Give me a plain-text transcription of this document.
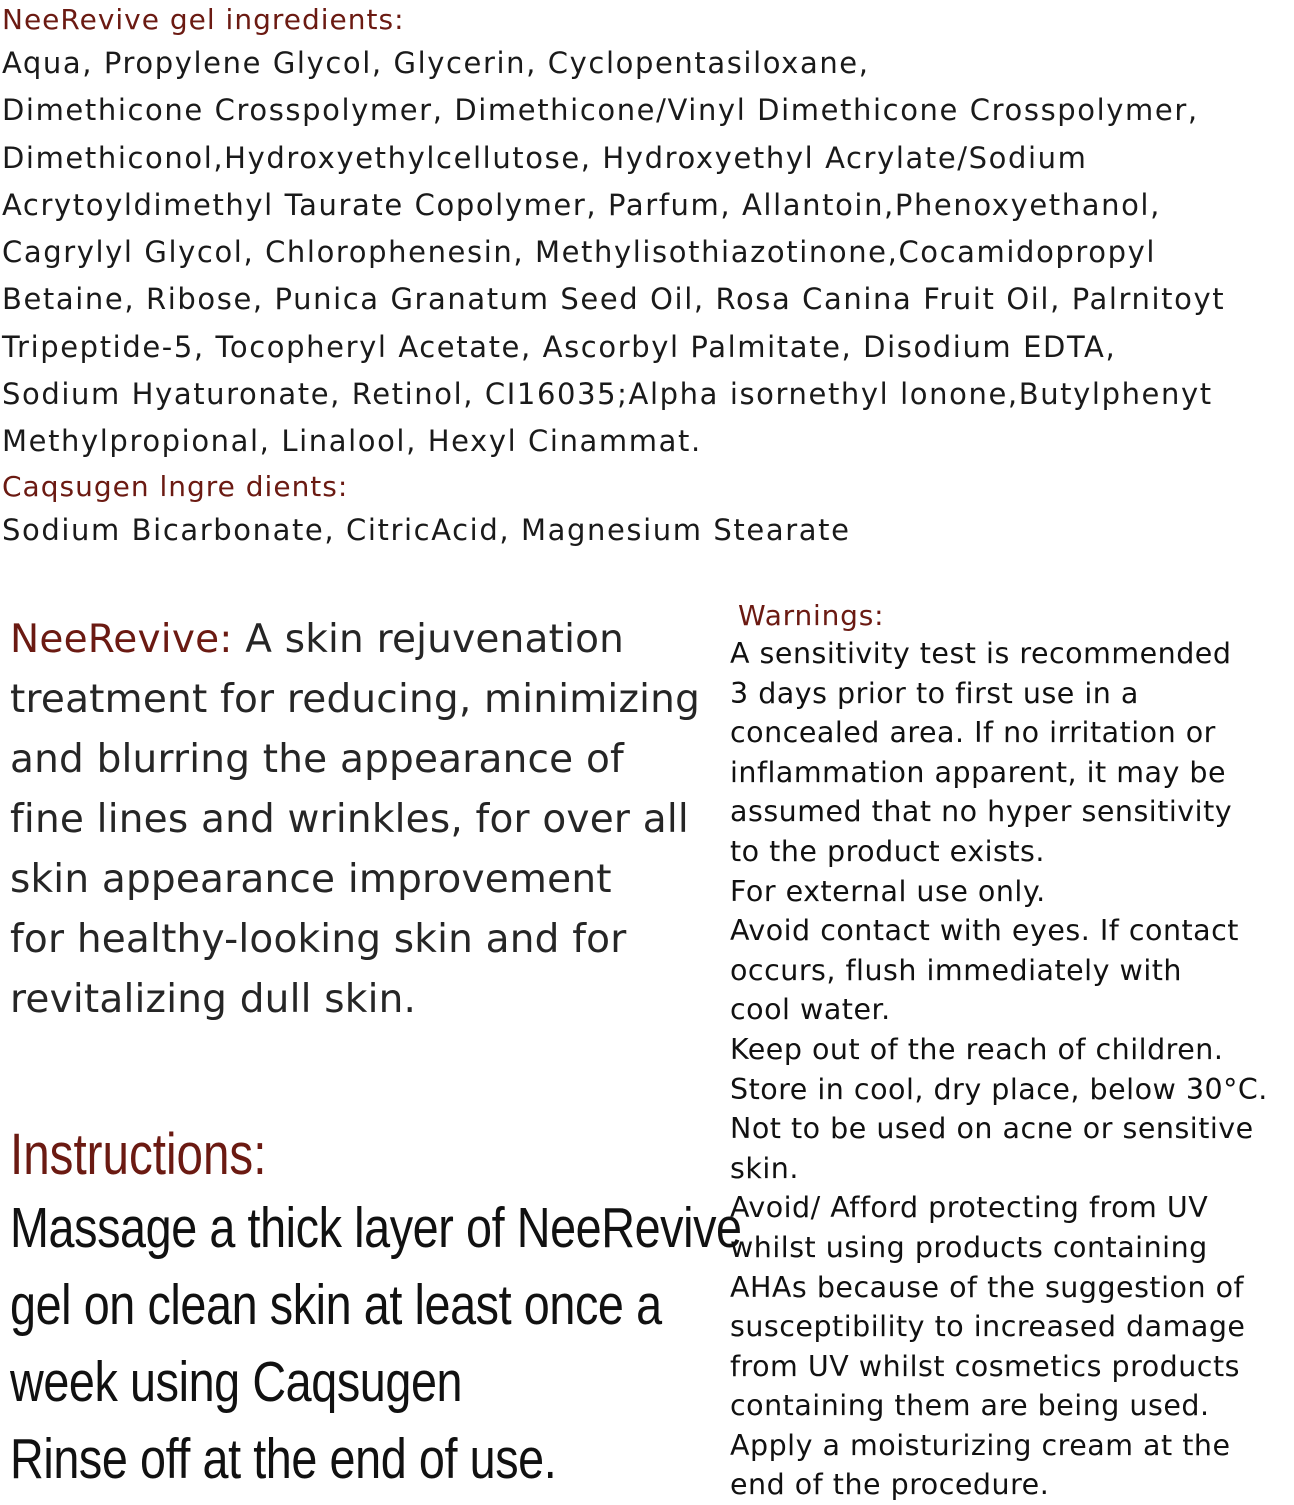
NeeRevive gel ingredients:
Aqua, Propylene Glycol, Glycerin, Cyclopentasiloxane,
Dimethicone Crosspolymer, Dimethicone/Vinyl Dimethicone Crosspolymer,
Dimethiconol,Hydroxyethylcellutose, Hydroxyethyl Acrylate/Sodium
Acrytoyldimethyl Taurate Copolymer, Parfum, Allantoin,Phenoxyethanol,
Cagrylyl Glycol, Chlorophenesin, Methylisothiazotinone,Cocamidopropyl
Betaine, Ribose, Punica Granatum Seed Oil, Rosa Canina Fruit Oil, Palrnitoyt
Tripeptide-5, Tocopheryl Acetate, Ascorbyl Palmitate, Disodium EDTA,
Sodium Hyaturonate, Retinol, CI16035;Alpha isornethyl lonone,Butylphenyt
Methylpropional, Linalool, Hexyl Cinammat.
Caqsugen lngre dients:
Sodium Bicarbonate, CitricAcid, Magnesium Stearate
NeeRevive: A skin rejuvenation
treatment for reducing, minimizing
and blurring the appearance of
fine lines and wrinkles, for over all
skin appearance improvement
for healthy-looking skin and for
revitalizing dull skin.
Instructions:
Massage a thick layer of NeeRevive
gel on clean skin at least once a
week using Caqsugen
Rinse off at the end of use.
Warnings:
A sensitivity test is recommended
3 days prior to first use in a
concealed area. If no irritation or
inflammation apparent, it may be
assumed that no hyper sensitivity
to the product exists.
For external use only.
Avoid contact with eyes. If contact
occurs, flush immediately with
cool water.
Keep out of the reach of children.
Store in cool, dry place, below 30°C.
Not to be used on acne or sensitive
skin.
Avoid/ Afford protecting from UV
whilst using products containing
AHAs because of the suggestion of
susceptibility to increased damage
from UV whilst cosmetics products
containing them are being used.
Apply a moisturizing cream at the
end of the procedure.
